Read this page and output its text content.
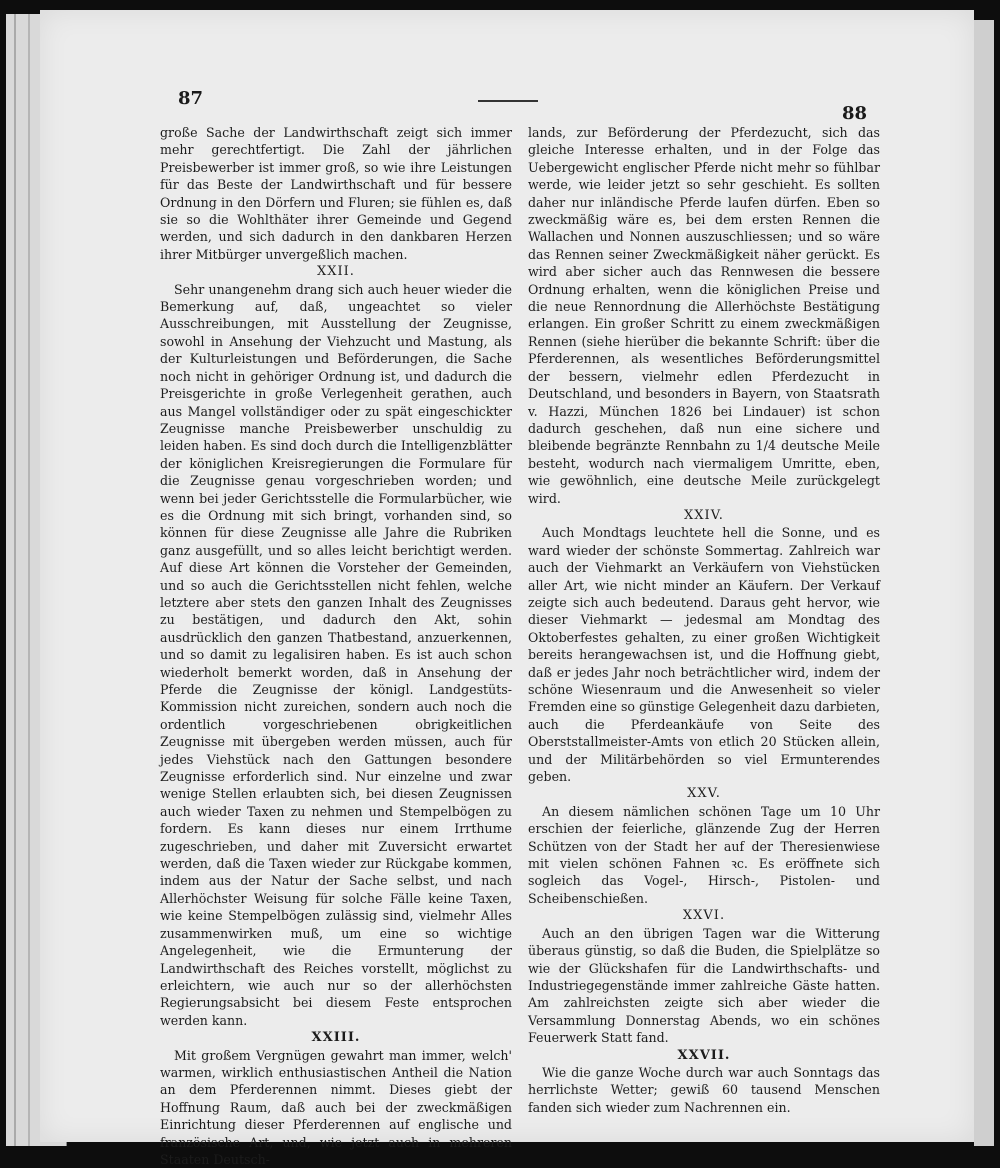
87
88

große Sache der Landwirthschaft zeigt sich immer mehr gerechtfertigt. Die Zahl der jährlichen Preisbewerber ist immer groß, so wie ihre Leistungen für das Beste der Landwirthschaft und für bessere Ordnung in den Dörfern und Fluren; sie fühlen es, daß sie so die Wohlthäter ihrer Gemeinde und Gegend werden, und sich dadurch in den dankbaren Herzen ihrer Mitbürger unvergeßlich machen.

XXII.

Sehr unangenehm drang sich auch heuer wieder die Bemerkung auf, daß, ungeachtet so vieler Ausschreibungen, mit Ausstellung der Zeugnisse, sowohl in Ansehung der Viehzucht und Mastung, als der Kulturleistungen und Beförderungen, die Sache noch nicht in gehöriger Ordnung ist, und dadurch die Preisgerichte in große Verlegenheit gerathen, auch aus Mangel vollständiger oder zu spät eingeschickter Zeugnisse manche Preisbewerber unschuldig zu leiden haben. Es sind doch durch die Intelligenzblätter der königlichen Kreisregierungen die Formulare für die Zeugnisse genau vorgeschrieben worden; und wenn bei jeder Gerichtsstelle die Formularbücher, wie es die Ordnung mit sich bringt, vorhanden sind, so können für diese Zeugnisse alle Jahre die Rubriken ganz ausgefüllt, und so alles leicht berichtigt werden. Auf diese Art können die Vorsteher der Gemeinden, und so auch die Gerichtsstellen nicht fehlen, welche letztere aber stets den ganzen Inhalt des Zeugnisses zu bestätigen, und dadurch den Akt, sohin ausdrücklich den ganzen Thatbestand, anzuerkennen, und so damit zu legalisiren haben. Es ist auch schon wiederholt bemerkt worden, daß in Ansehung der Pferde die Zeugnisse der königl. Landgestüts-Kommission nicht zureichen, sondern auch noch die ordentlich vorgeschriebenen obrigkeitlichen Zeugnisse mit übergeben werden müssen, auch für jedes Viehstück nach den Gattungen besondere Zeugnisse erforderlich sind. Nur einzelne und zwar wenige Stellen erlaubten sich, bei diesen Zeugnissen auch wieder Taxen zu nehmen und Stempelbögen zu fordern. Es kann dieses nur einem Irrthume zugeschrieben, und daher mit Zuversicht erwartet werden, daß die Taxen wieder zur Rückgabe kommen, indem aus der Natur der Sache selbst, und nach Allerhöchster Weisung für solche Fälle keine Taxen, wie keine Stempelbögen zulässig sind, vielmehr Alles zusammenwirken muß, um eine so wichtige Angelegenheit, wie die Ermunterung der Landwirthschaft des Reiches vorstellt, möglichst zu erleichtern, wie auch nur so der allerhöchsten Regierungsabsicht bei diesem Feste entsprochen werden kann.

XXIII.

Mit großem Vergnügen gewahrt man immer, welch' warmen, wirklich enthusiastischen Antheil die Nation an dem Pferderennen nimmt. Dieses giebt der Hoffnung Raum, daß auch bei der zweckmäßigen Einrichtung dieser Pferderennen auf englische und französische Art, und, wie jetzt auch in mehreren Staaten Deutsch-

lands, zur Beförderung der Pferdezucht, sich das gleiche Interesse erhalten, und in der Folge das Uebergewicht englischer Pferde nicht mehr so fühlbar werde, wie leider jetzt so sehr geschieht. Es sollten daher nur inländische Pferde laufen dürfen. Eben so zweckmäßig wäre es, bei dem ersten Rennen die Wallachen und Nonnen auszuschliessen; und so wäre das Rennen seiner Zweckmäßigkeit näher gerückt. Es wird aber sicher auch das Rennwesen die bessere Ordnung erhalten, wenn die königlichen Preise und die neue Rennordnung die Allerhöchste Bestätigung erlangen. Ein großer Schritt zu einem zweckmäßigen Rennen (siehe hierüber die bekannte Schrift: über die Pferderennen, als wesentliches Beförderungsmittel der bessern, vielmehr edlen Pferdezucht in Deutschland, und besonders in Bayern, von Staatsrath v. Hazzi, München 1826 bei Lindauer) ist schon dadurch geschehen, daß nun eine sichere und bleibende begränzte Rennbahn zu 1/4 deutsche Meile besteht, wodurch nach viermaligem Umritte, eben, wie gewöhnlich, eine deutsche Meile zurückgelegt wird.

XXIV.

Auch Mondtags leuchtete hell die Sonne, und es ward wieder der schönste Sommertag. Zahlreich war auch der Viehmarkt an Verkäufern von Viehstücken aller Art, wie nicht minder an Käufern. Der Verkauf zeigte sich auch bedeutend. Daraus geht hervor, wie dieser Viehmarkt — jedesmal am Mondtag des Oktoberfestes gehalten, zu einer großen Wichtigkeit bereits herangewachsen ist, und die Hoffnung giebt, daß er jedes Jahr noch beträchtlicher wird, indem der schöne Wiesenraum und die Anwesenheit so vieler Fremden eine so günstige Gelegenheit dazu darbieten, auch die Pferdeankäufe von Seite des Oberststallmeister-Amts von etlich 20 Stücken allein, und der Militärbehörden so viel Ermunterendes geben.

XXV.

An diesem nämlichen schönen Tage um 10 Uhr erschien der feierliche, glänzende Zug der Herren Schützen von der Stadt her auf der Theresienwiese mit vielen schönen Fahnen ꝛc. Es eröffnete sich sogleich das Vogel-, Hirsch-, Pistolen- und Scheibenschießen.

XXVI.

Auch an den übrigen Tagen war die Witterung überaus günstig, so daß die Buden, die Spielplätze so wie der Glückshafen für die Landwirthschafts- und Industriegegenstände immer zahlreiche Gäste hatten. Am zahlreichsten zeigte sich aber wieder die Versammlung Donnerstag Abends, wo ein schönes Feuerwerk Statt fand.

XXVII.

Wie die ganze Woche durch war auch Sonntags das herrlichste Wetter; gewiß 60 tausend Menschen fanden sich wieder zum Nachrennen ein.
